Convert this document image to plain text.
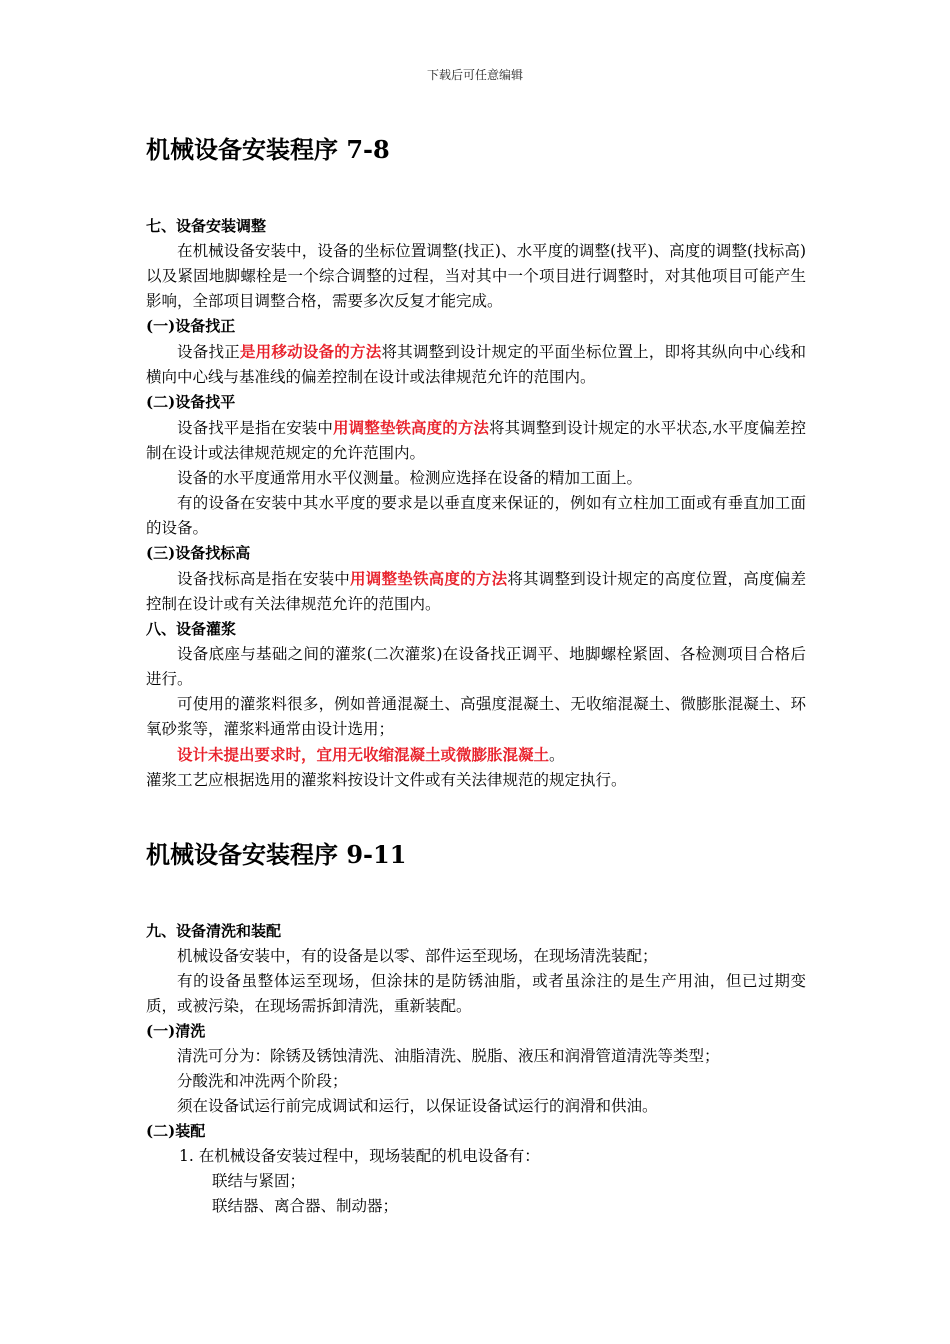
下载后可任意编辑
机械设备安装程序 7-8
七、设备安装调整

在机械设备安装中，设备的坐标位置调整(找正)、水平度的调整(找平)、高度的调整(找标高)以及紧固地脚螺栓是一个综合调整的过程，当对其中一个项目进行调整时，对其他项目可能产生影响，全部项目调整合格，需要多次反复才能完成。

(一)设备找正

设备找正是用移动设备的方法将其调整到设计规定的平面坐标位置上，即将其纵向中心线和横向中心线与基准线的偏差控制在设计或法律规范允许的范围内。

(二)设备找平

设备找平是指在安装中用调整垫铁高度的方法将其调整到设计规定的水平状态,水平度偏差控制在设计或法律规范规定的允许范围内。

设备的水平度通常用水平仪测量。检测应选择在设备的精加工面上。

有的设备在安装中其水平度的要求是以垂直度来保证的，例如有立柱加工面或有垂直加工面的设备。

(三)设备找标高

设备找标高是指在安装中用调整垫铁高度的方法将其调整到设计规定的高度位置，高度偏差控制在设计或有关法律规范允许的范围内。

八、设备灌浆

设备底座与基础之间的灌浆(二次灌浆)在设备找正调平、地脚螺栓紧固、各检测项目合格后进行。

可使用的灌浆料很多，例如普通混凝土、高强度混凝土、无收缩混凝土、微膨胀混凝土、环氧砂浆等，灌浆料通常由设计选用；

设计未提出要求时，宜用无收缩混凝土或微膨胀混凝土。

灌浆工艺应根据选用的灌浆料按设计文件或有关法律规范的规定执行。

机械设备安装程序 9-11
九、设备清洗和装配

机械设备安装中，有的设备是以零、部件运至现场，在现场清洗装配；

有的设备虽整体运至现场，但涂抹的是防锈油脂，或者虽涂注的是生产用油，但已过期变质，或被污染，在现场需拆卸清洗，重新装配。

(一)清洗

清洗可分为：除锈及锈蚀清洗、油脂清洗、脱脂、液压和润滑管道清洗等类型；

分酸洗和冲洗两个阶段；

须在设备试运行前完成调试和运行，以保证设备试运行的润滑和供油。

(二)装配

1. 在机械设备安装过程中，现场装配的机电设备有：

联结与紧固；

联结器、离合器、制动器；
